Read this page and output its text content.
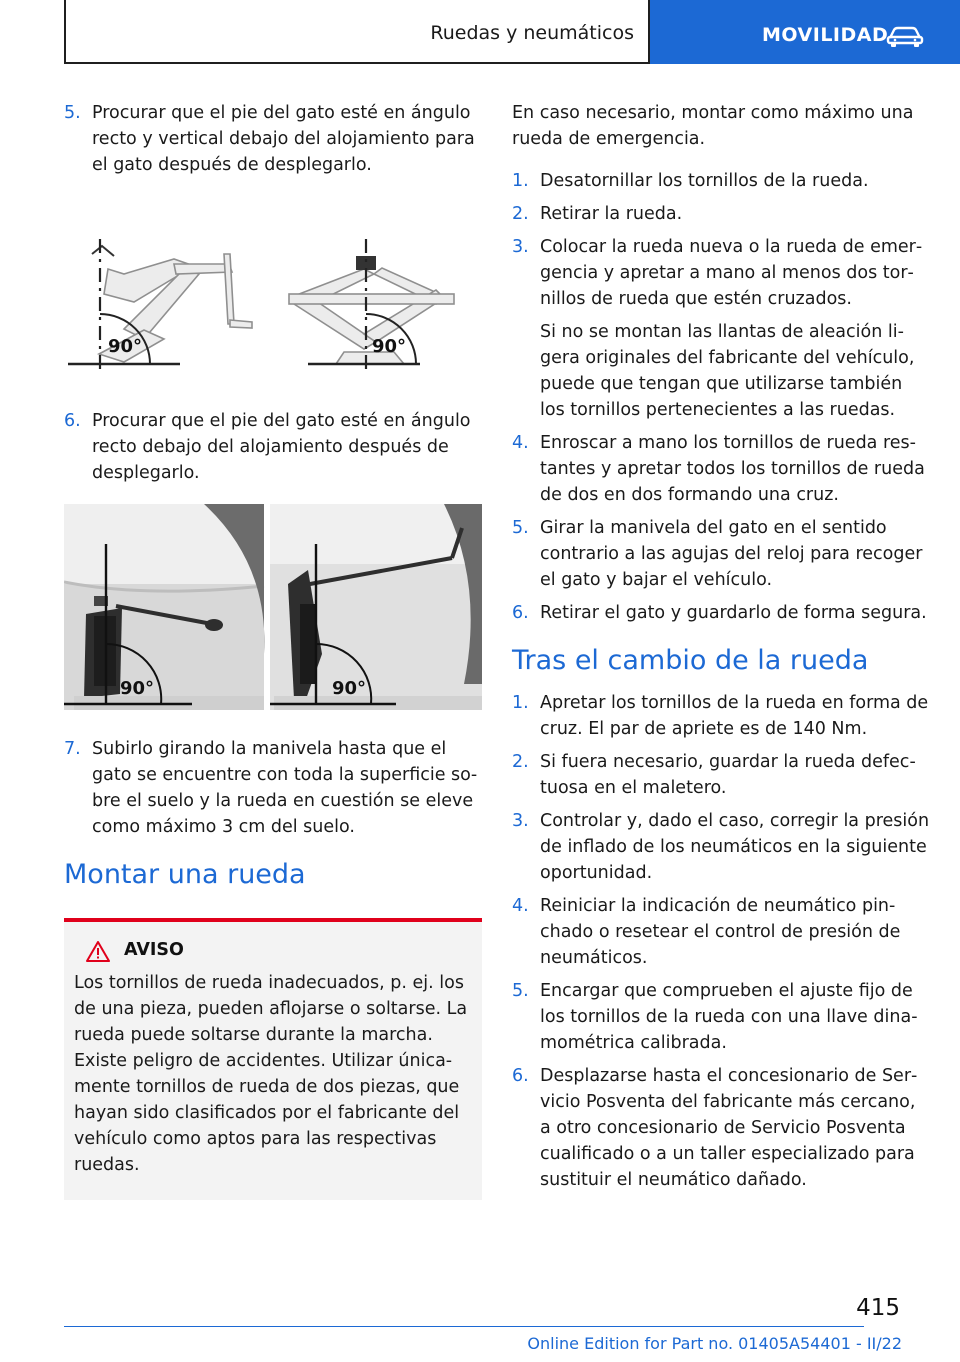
Ruedas y neumáticos	MOVILIDAD
5. Procurar que el pie del gato esté en ángulo recto y vertical debajo del alojamiento para el gato después de desplegarlo.
90°	90°
6. Procurar que el pie del gato esté en ángulo recto debajo del alojamiento después de desplegarlo.
90°	90°
7. Subirlo girando la manivela hasta que el gato se encuentre con toda la superficie sobre el suelo y la rueda en cuestión se eleve como máximo 3 cm del suelo.
Montar una rueda
AVISO

Los tornillos de rueda inadecuados, p. ej. los de una pieza, pueden aflojarse o soltarse. La rueda puede soltarse durante la marcha. Existe peligro de accidentes. Utilizar únicamente tornillos de rueda de dos piezas, que hayan sido clasificados por el fabricante del vehículo como aptos para las respectivas ruedas.

En caso necesario, montar como máximo una rueda de emergencia.

1. Desatornillar los tornillos de la rueda.
2. Retirar la rueda.
3. Colocar la rueda nueva o la rueda de emergencia y apretar a mano al menos dos tornillos de rueda que estén cruzados.
Si no se montan las llantas de aleación ligera originales del fabricante del vehículo, puede que tengan que utilizarse también los tornillos pertenecientes a las ruedas.
4. Enroscar a mano los tornillos de rueda restantes y apretar todos los tornillos de rueda de dos en dos formando una cruz.
5. Girar la manivela del gato en el sentido contrario a las agujas del reloj para recoger el gato y bajar el vehículo.
6. Retirar el gato y guardarlo de forma segura.
Tras el cambio de la rueda
1. Apretar los tornillos de la rueda en forma de cruz. El par de apriete es de 140 Nm.
2. Si fuera necesario, guardar la rueda defectuosa en el maletero.
3. Controlar y, dado el caso, corregir la presión de inflado de los neumáticos en la siguiente oportunidad.
4. Reiniciar la indicación de neumático pinchado o resetear el control de presión de neumáticos.
5. Encargar que comprueben el ajuste fijo de los tornillos de la rueda con una llave dinamométrica calibrada.
6. Desplazarse hasta el concesionario de Servicio Posventa del fabricante más cercano, a otro concesionario de Servicio Posventa cualificado o a un taller especializado para sustituir el neumático dañado.
415
Online Edition for Part no. 01405A54401 - II/22
